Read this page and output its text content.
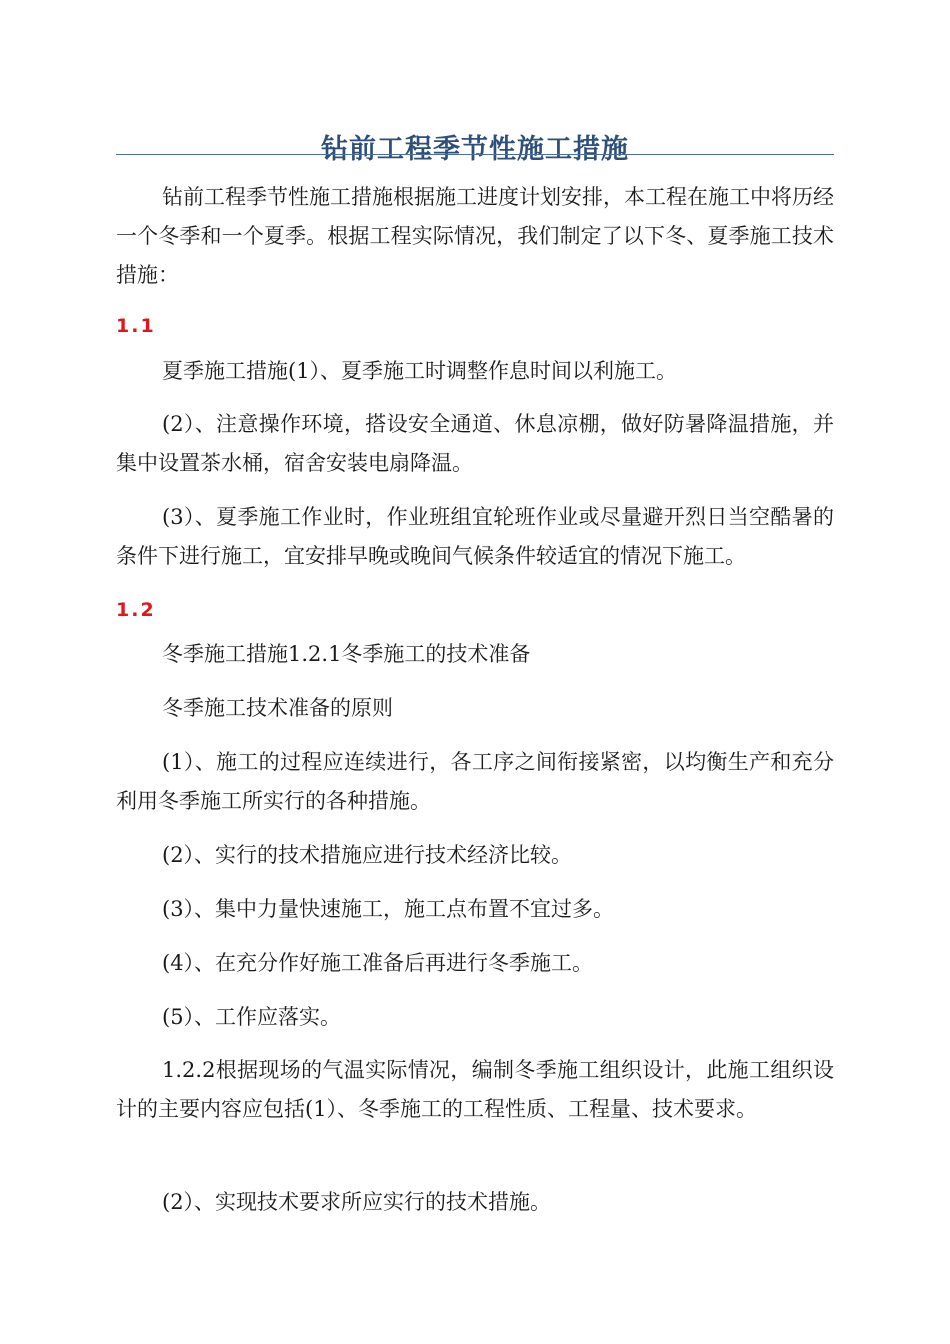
钻前工程季节性施工措施

钻前工程季节性施工措施根据施工进度计划安排，本工程在施工中将历经一个冬季和一个夏季。根据工程实际情况，我们制定了以下冬、夏季施工技术措施：

1.1

夏季施工措施(1）、夏季施工时调整作息时间以利施工。

(2）、注意操作环境，搭设安全通道、休息凉棚，做好防暑降温措施，并集中设置茶水桶，宿舍安装电扇降温。

(3）、夏季施工作业时，作业班组宜轮班作业或尽量避开烈日当空酷暑的条件下进行施工，宜安排早晚或晚间气候条件较适宜的情况下施工。

1.2

冬季施工措施1.2.1冬季施工的技术准备

冬季施工技术准备的原则

(1）、施工的过程应连续进行，各工序之间衔接紧密，以均衡生产和充分利用冬季施工所实行的各种措施。

(2）、实行的技术措施应进行技术经济比较。

(3）、集中力量快速施工，施工点布置不宜过多。

(4）、在充分作好施工准备后再进行冬季施工。

(5）、工作应落实。

1.2.2根据现场的气温实际情况，编制冬季施工组织设计，此施工组织设计的主要内容应包括(1）、冬季施工的工程性质、工程量、技术要求。

(2）、实现技术要求所应实行的技术措施。
